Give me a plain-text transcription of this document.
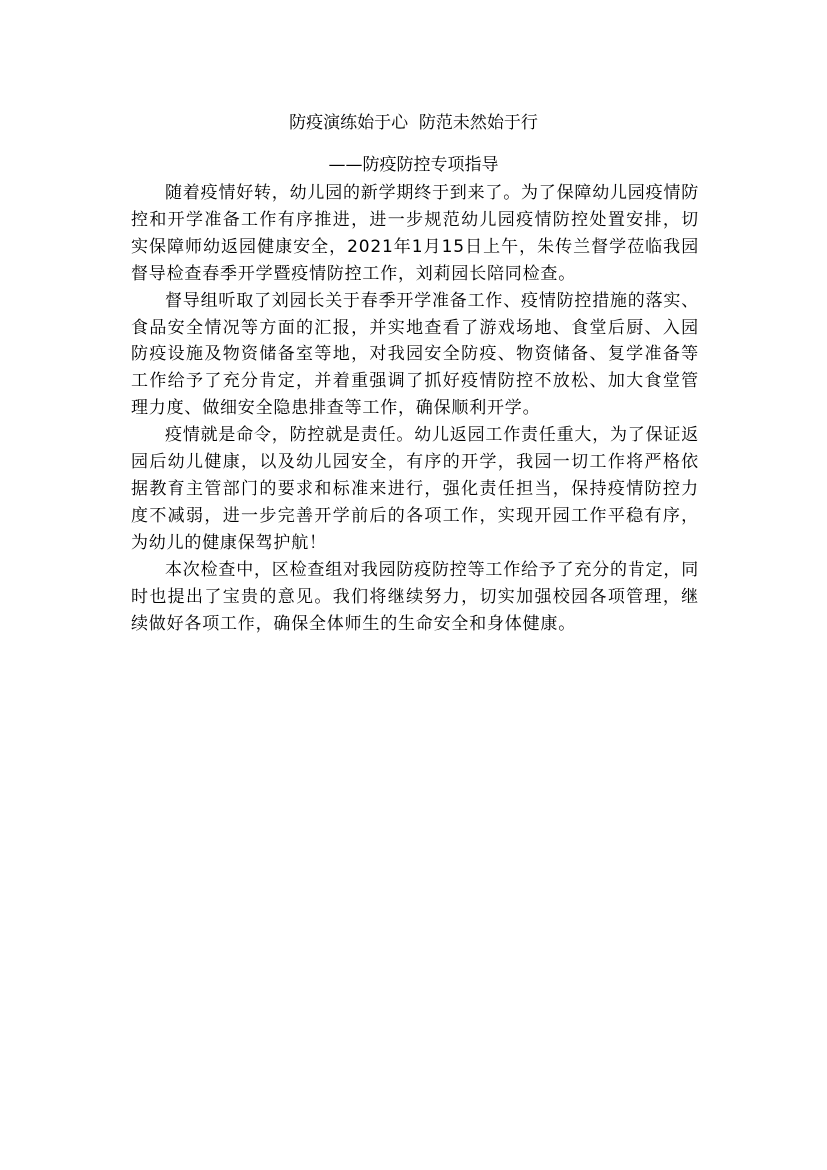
防疫演练始于心  防范未然始于行
——防疫防控专项指导

随着疫情好转，幼儿园的新学期终于到来了。为了保障幼儿园疫情防控和开学准备工作有序推进，进一步规范幼儿园疫情防控处置安排，切实保障师幼返园健康安全，2021年1月15日上午，朱传兰督学莅临我园督导检查春季开学暨疫情防控工作，刘莉园长陪同检查。

督导组听取了刘园长关于春季开学准备工作、疫情防控措施的落实、食品安全情况等方面的汇报，并实地查看了游戏场地、食堂后厨、入园防疫设施及物资储备室等地，对我园安全防疫、物资储备、复学准备等工作给予了充分肯定，并着重强调了抓好疫情防控不放松、加大食堂管理力度、做细安全隐患排查等工作，确保顺利开学。

疫情就是命令，防控就是责任。幼儿返园工作责任重大，为了保证返园后幼儿健康，以及幼儿园安全，有序的开学，我园一切工作将严格依据教育主管部门的要求和标准来进行，强化责任担当，保持疫情防控力度不减弱，进一步完善开学前后的各项工作，实现开园工作平稳有序，为幼儿的健康保驾护航！

本次检查中，区检查组对我园防疫防控等工作给予了充分的肯定，同时也提出了宝贵的意见。我们将继续努力，切实加强校园各项管理，继续做好各项工作，确保全体师生的生命安全和身体健康。
